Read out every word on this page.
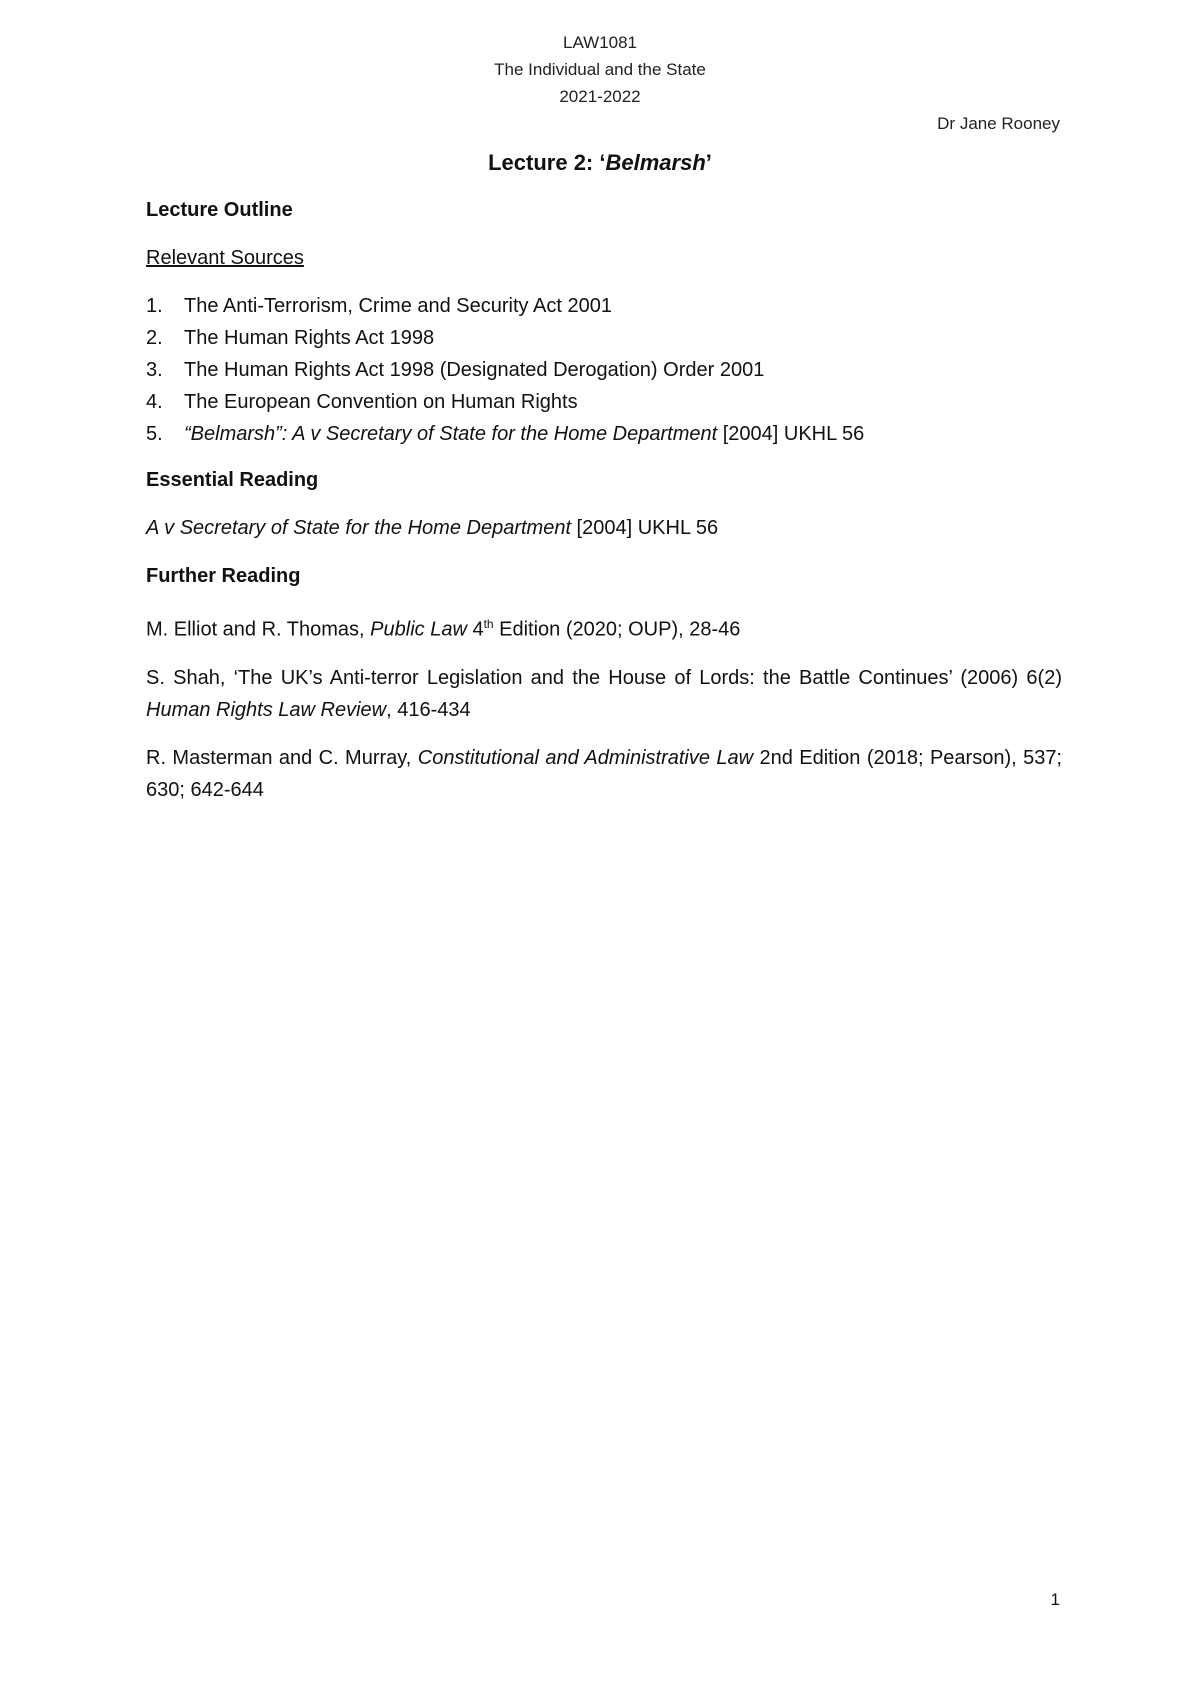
LAW1081
The Individual and the State
2021-2022
Dr Jane Rooney
Lecture 2: ‘Belmarsh’
Lecture Outline
Relevant Sources
1.	The Anti-Terrorism, Crime and Security Act 2001
2.	The Human Rights Act 1998
3.	The Human Rights Act 1998 (Designated Derogation) Order 2001
4.	The European Convention on Human Rights
5.	“Belmarsh”: A v Secretary of State for the Home Department [2004] UKHL 56
Essential Reading

A v Secretary of State for the Home Department [2004] UKHL 56

Further Reading

M. Elliot and R. Thomas, Public Law 4th Edition (2020; OUP), 28-46

S. Shah, ‘The UK’s Anti-terror Legislation and the House of Lords: the Battle Continues’ (2006) 6(2) Human Rights Law Review, 416-434

R. Masterman and C. Murray, Constitutional and Administrative Law 2nd Edition (2018; Pearson), 537; 630; 642-644

1
